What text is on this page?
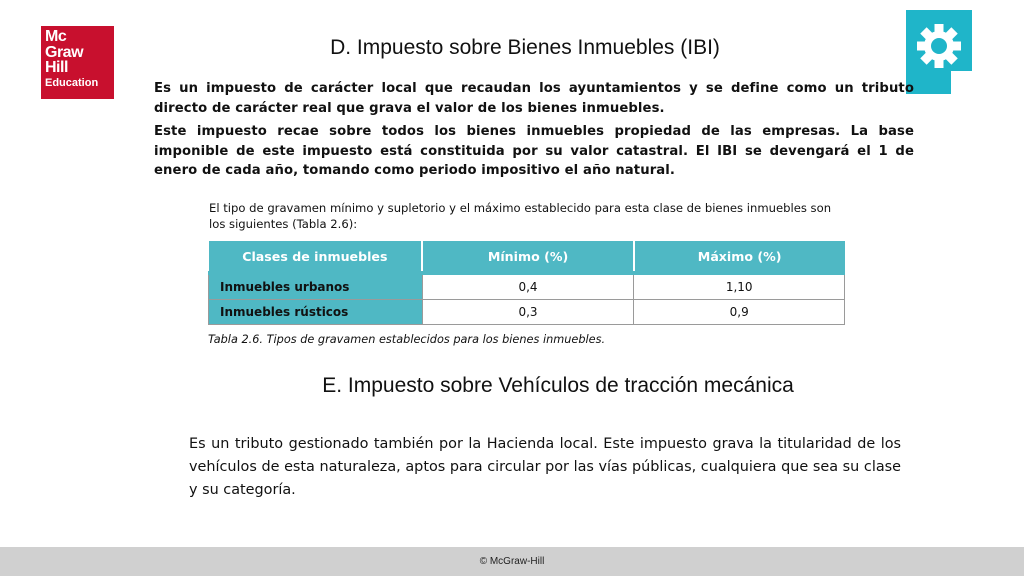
Mc
Graw
Hill
Education
D. Impuesto sobre Bienes Inmuebles (IBI)

Es un impuesto de carácter local que recaudan los ayuntamientos y se define como un tributo directo de carácter real que grava el valor de los bienes inmuebles.

Este impuesto recae sobre todos los bienes inmuebles propiedad de las empresas. La base imponible de este impuesto está constituida por su valor catastral. El IBI se devengará el 1 de enero de cada año, tomando como periodo impositivo el año natural.

El tipo de gravamen mínimo y supletorio y el máximo establecido para esta clase de bienes inmuebles son los siguientes (Tabla 2.6):

Clases de inmuebles	Mínimo (%)	Máximo (%)
Inmuebles urbanos	0,4	1,10
Inmuebles rústicos	0,3	0,9

Tabla 2.6. Tipos de gravamen establecidos para los bienes inmuebles.

E. Impuesto sobre Vehículos de tracción mecánica

Es un tributo gestionado también por la Hacienda local. Este impuesto grava la titularidad de los vehículos de esta naturaleza, aptos para circular por las vías públicas, cualquiera que sea su clase y su categoría.

© McGraw-Hill
